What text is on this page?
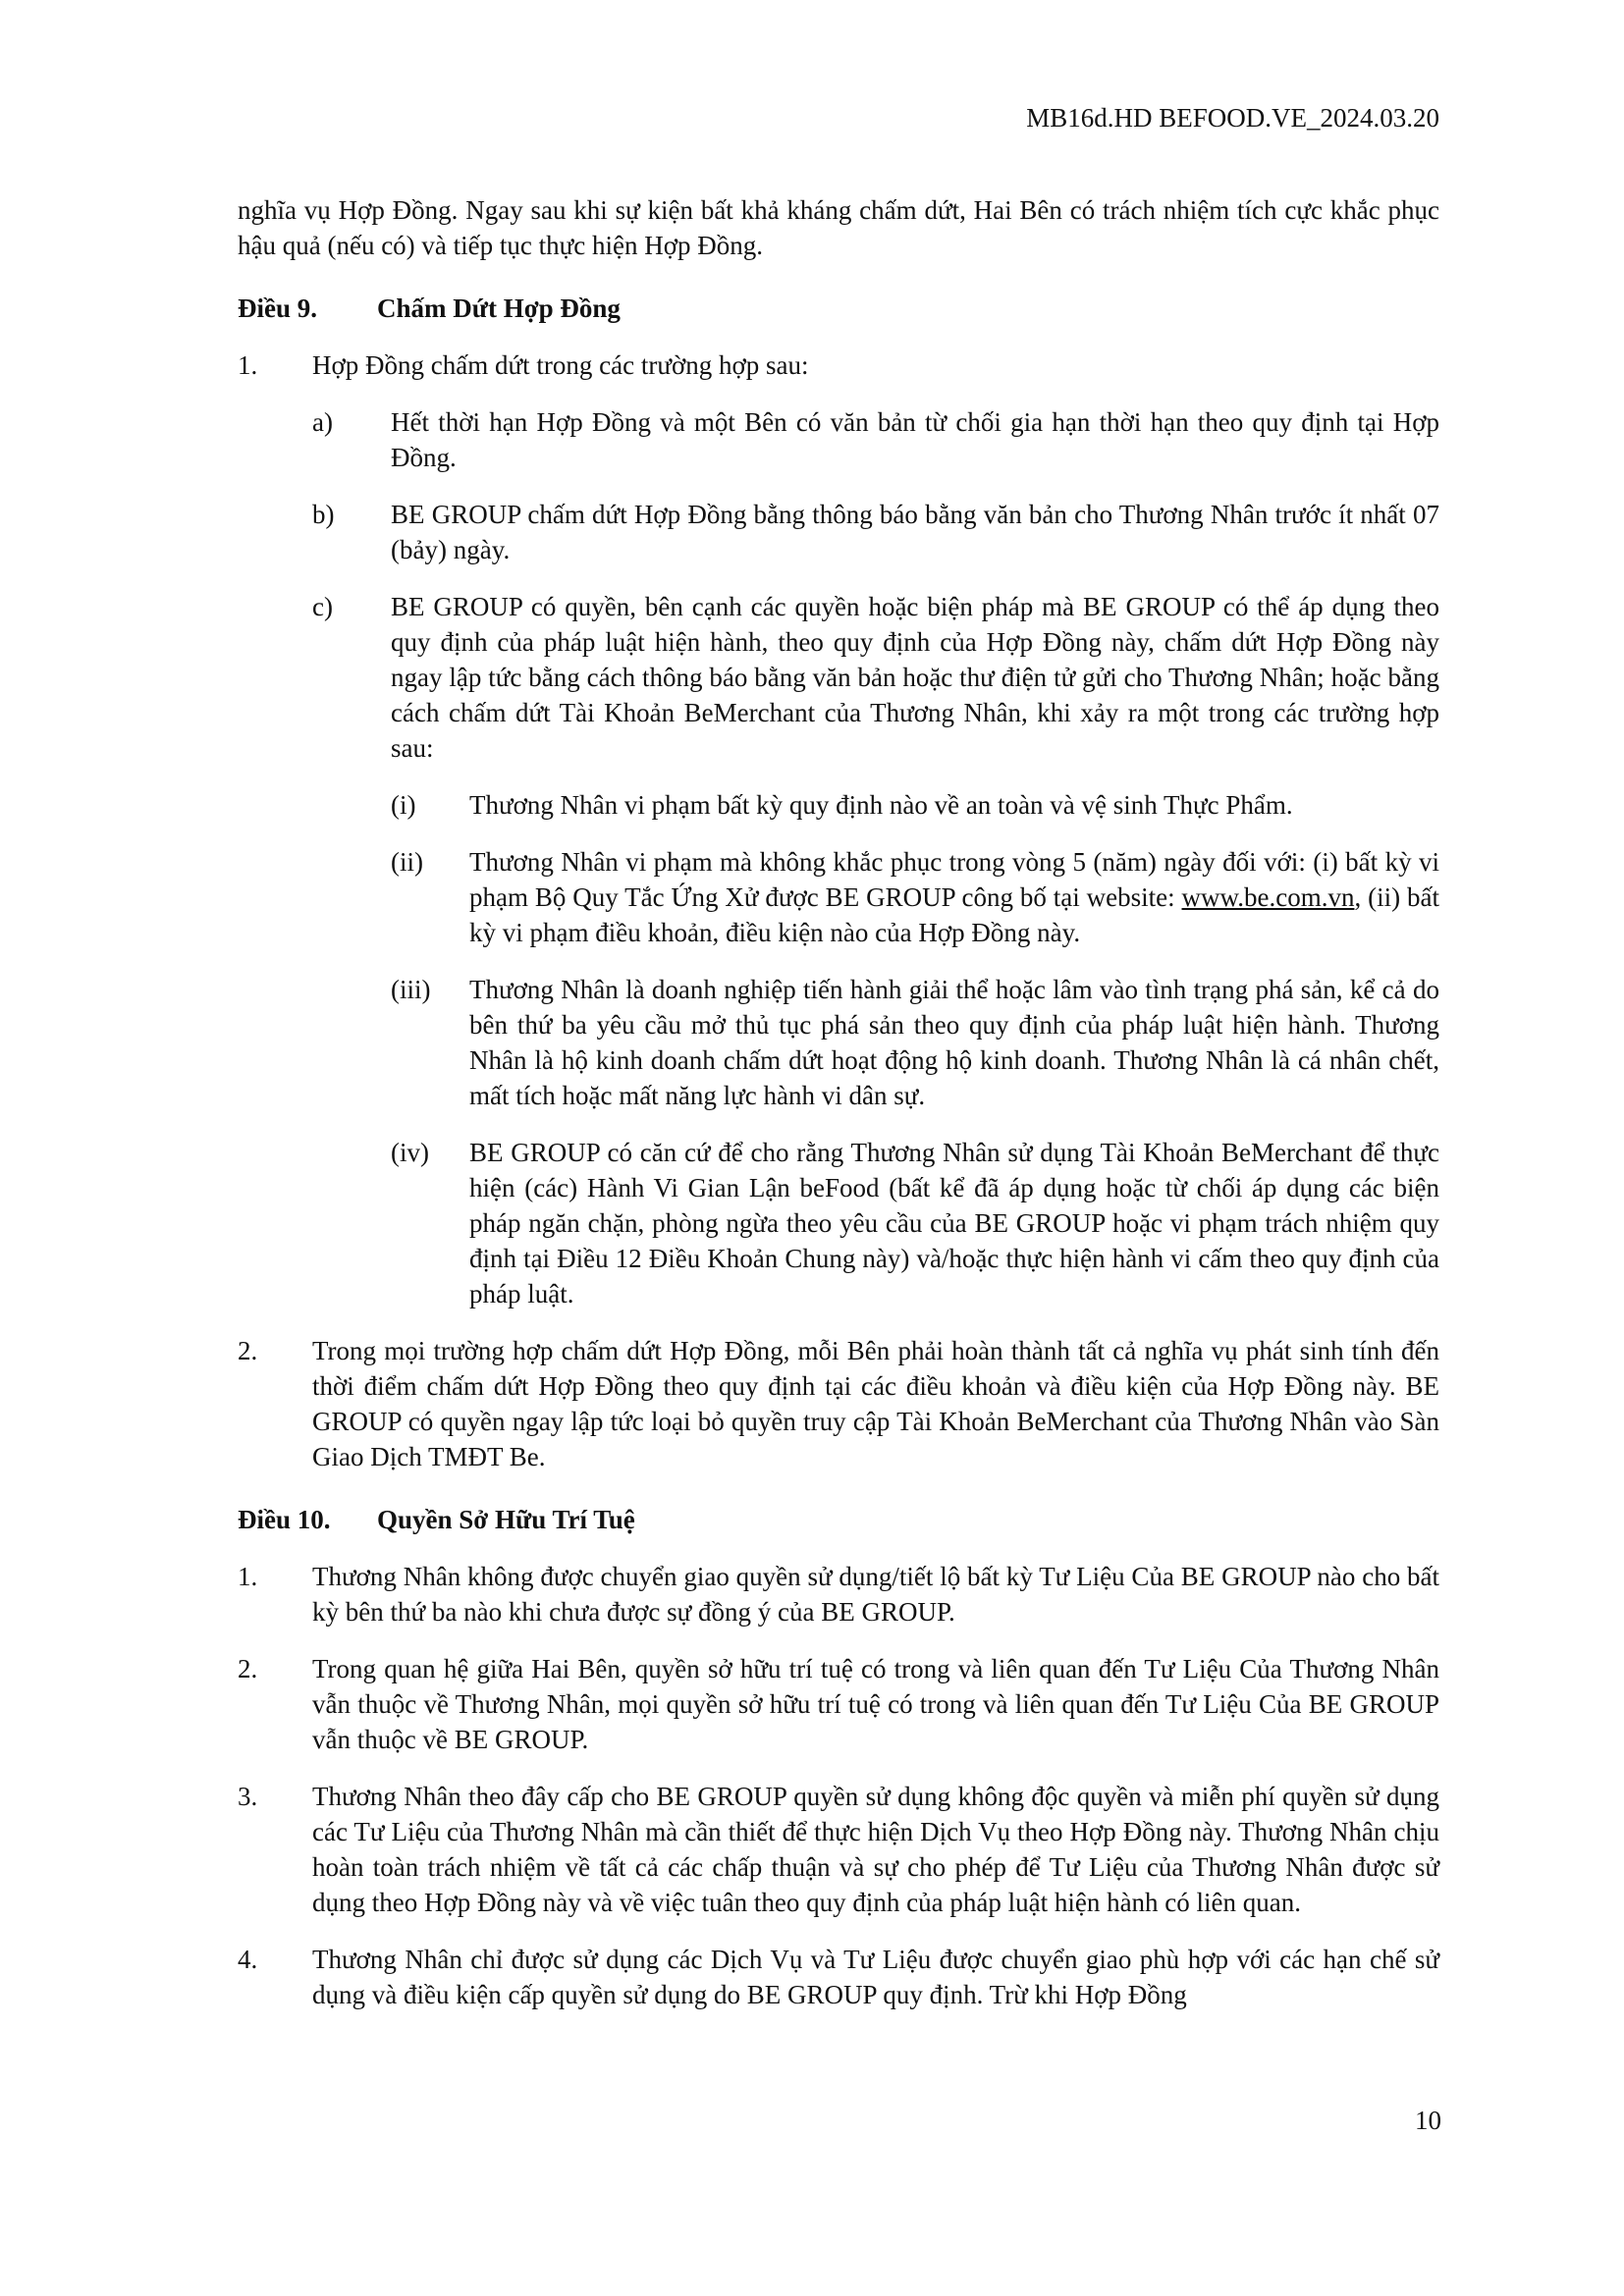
MB16d.HD BEFOOD.VE_2024.03.20
nghĩa vụ Hợp Đồng. Ngay sau khi sự kiện bất khả kháng chấm dứt, Hai Bên có trách nhiệm tích cực khắc phục hậu quả (nếu có) và tiếp tục thực hiện Hợp Đồng.
Điều 9.	Chấm Dứt Hợp Đồng
1.	Hợp Đồng chấm dứt trong các trường hợp sau:
a)	Hết thời hạn Hợp Đồng và một Bên có văn bản từ chối gia hạn thời hạn theo quy định tại Hợp Đồng.
b)	BE GROUP chấm dứt Hợp Đồng bằng thông báo bằng văn bản cho Thương Nhân trước ít nhất 07 (bảy) ngày.
c)	BE GROUP có quyền, bên cạnh các quyền hoặc biện pháp mà BE GROUP có thể áp dụng theo quy định của pháp luật hiện hành, theo quy định của Hợp Đồng này, chấm dứt Hợp Đồng này ngay lập tức bằng cách thông báo bằng văn bản hoặc thư điện tử gửi cho Thương Nhân; hoặc bằng cách chấm dứt Tài Khoản BeMerchant của Thương Nhân, khi xảy ra một trong các trường hợp sau:
(i)	Thương Nhân vi phạm bất kỳ quy định nào về an toàn và vệ sinh Thực Phẩm.
(ii)	Thương Nhân vi phạm mà không khắc phục trong vòng 5 (năm) ngày đối với: (i) bất kỳ vi phạm Bộ Quy Tắc Ứng Xử được BE GROUP công bố tại website: www.be.com.vn, (ii) bất kỳ vi phạm điều khoản, điều kiện nào của Hợp Đồng này.
(iii)	Thương Nhân là doanh nghiệp tiến hành giải thể hoặc lâm vào tình trạng phá sản, kể cả do bên thứ ba yêu cầu mở thủ tục phá sản theo quy định của pháp luật hiện hành. Thương Nhân là hộ kinh doanh chấm dứt hoạt động hộ kinh doanh. Thương Nhân là cá nhân chết, mất tích hoặc mất năng lực hành vi dân sự.
(iv)	BE GROUP có căn cứ để cho rằng Thương Nhân sử dụng Tài Khoản BeMerchant để thực hiện (các) Hành Vi Gian Lận beFood (bất kể đã áp dụng hoặc từ chối áp dụng các biện pháp ngăn chặn, phòng ngừa theo yêu cầu của BE GROUP hoặc vi phạm trách nhiệm quy định tại Điều 12 Điều Khoản Chung này) và/hoặc thực hiện hành vi cấm theo quy định của pháp luật.
2.	Trong mọi trường hợp chấm dứt Hợp Đồng, mỗi Bên phải hoàn thành tất cả nghĩa vụ phát sinh tính đến thời điểm chấm dứt Hợp Đồng theo quy định tại các điều khoản và điều kiện của Hợp Đồng này. BE GROUP có quyền ngay lập tức loại bỏ quyền truy cập Tài Khoản BeMerchant của Thương Nhân vào Sàn Giao Dịch TMĐT Be.
Điều 10.	Quyền Sở Hữu Trí Tuệ
1.	Thương Nhân không được chuyển giao quyền sử dụng/tiết lộ bất kỳ Tư Liệu Của BE GROUP nào cho bất kỳ bên thứ ba nào khi chưa được sự đồng ý của BE GROUP.
2.	Trong quan hệ giữa Hai Bên, quyền sở hữu trí tuệ có trong và liên quan đến Tư Liệu Của Thương Nhân vẫn thuộc về Thương Nhân, mọi quyền sở hữu trí tuệ có trong và liên quan đến Tư Liệu Của BE GROUP vẫn thuộc về BE GROUP.
3.	Thương Nhân theo đây cấp cho BE GROUP quyền sử dụng không độc quyền và miễn phí quyền sử dụng các Tư Liệu của Thương Nhân mà cần thiết để thực hiện Dịch Vụ theo Hợp Đồng này. Thương Nhân chịu hoàn toàn trách nhiệm về tất cả các chấp thuận và sự cho phép để Tư Liệu của Thương Nhân được sử dụng theo Hợp Đồng này và về việc tuân theo quy định của pháp luật hiện hành có liên quan.
4.	Thương Nhân chỉ được sử dụng các Dịch Vụ và Tư Liệu được chuyển giao phù hợp với các hạn chế sử dụng và điều kiện cấp quyền sử dụng do BE GROUP quy định. Trừ khi Hợp Đồng
10
